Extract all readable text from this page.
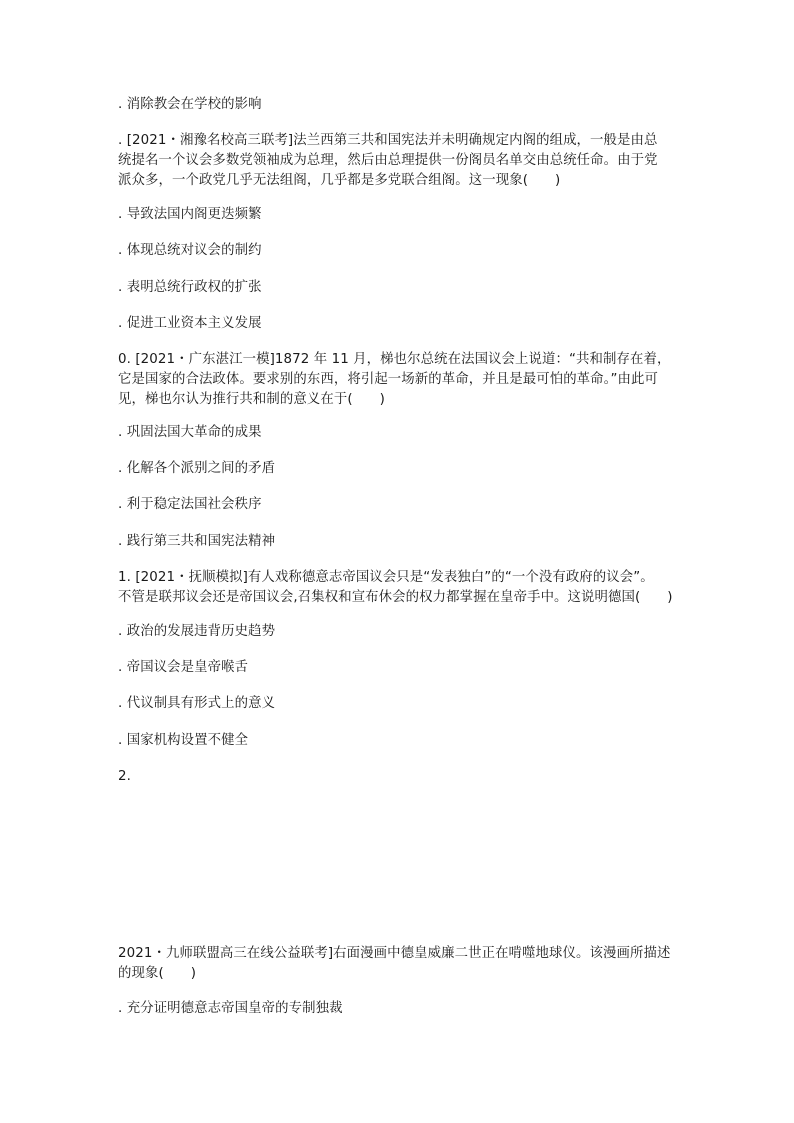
. 消除教会在学校的影响
. [2021・湘豫名校高三联考]法兰西第三共和国宪法并未明确规定内阁的组成，一般是由总
统提名一个议会多数党领袖成为总理，然后由总理提供一份阁员名单交由总统任命。由于党
派众多，一个政党几乎无法组阁，几乎都是多党联合组阁。这一现象(　　)
. 导致法国内阁更迭频繁
. 体现总统对议会的制约
. 表明总统行政权的扩张
. 促进工业资本主义发展
0. [2021・广东湛江一模]1872 年 11 月，梯也尔总统在法国议会上说道：“共和制存在着，
它是国家的合法政体。要求别的东西，将引起一场新的革命，并且是最可怕的革命。”由此可
见，梯也尔认为推行共和制的意义在于(　　)
. 巩固法国大革命的成果
. 化解各个派别之间的矛盾
. 利于稳定法国社会秩序
. 践行第三共和国宪法精神
1. [2021・抚顺模拟]有人戏称德意志帝国议会只是“发表独白”的“一个没有政府的议会”。
不管是联邦议会还是帝国议会,召集权和宣布休会的权力都掌握在皇帝手中。这说明德国(　　)
. 政治的发展违背历史趋势
. 帝国议会是皇帝喉舌
. 代议制具有形式上的意义
. 国家机构设置不健全
2.
2021・九师联盟高三在线公益联考]右面漫画中德皇威廉二世正在啃噬地球仪。该漫画所描述
的现象(　　)
. 充分证明德意志帝国皇帝的专制独裁
